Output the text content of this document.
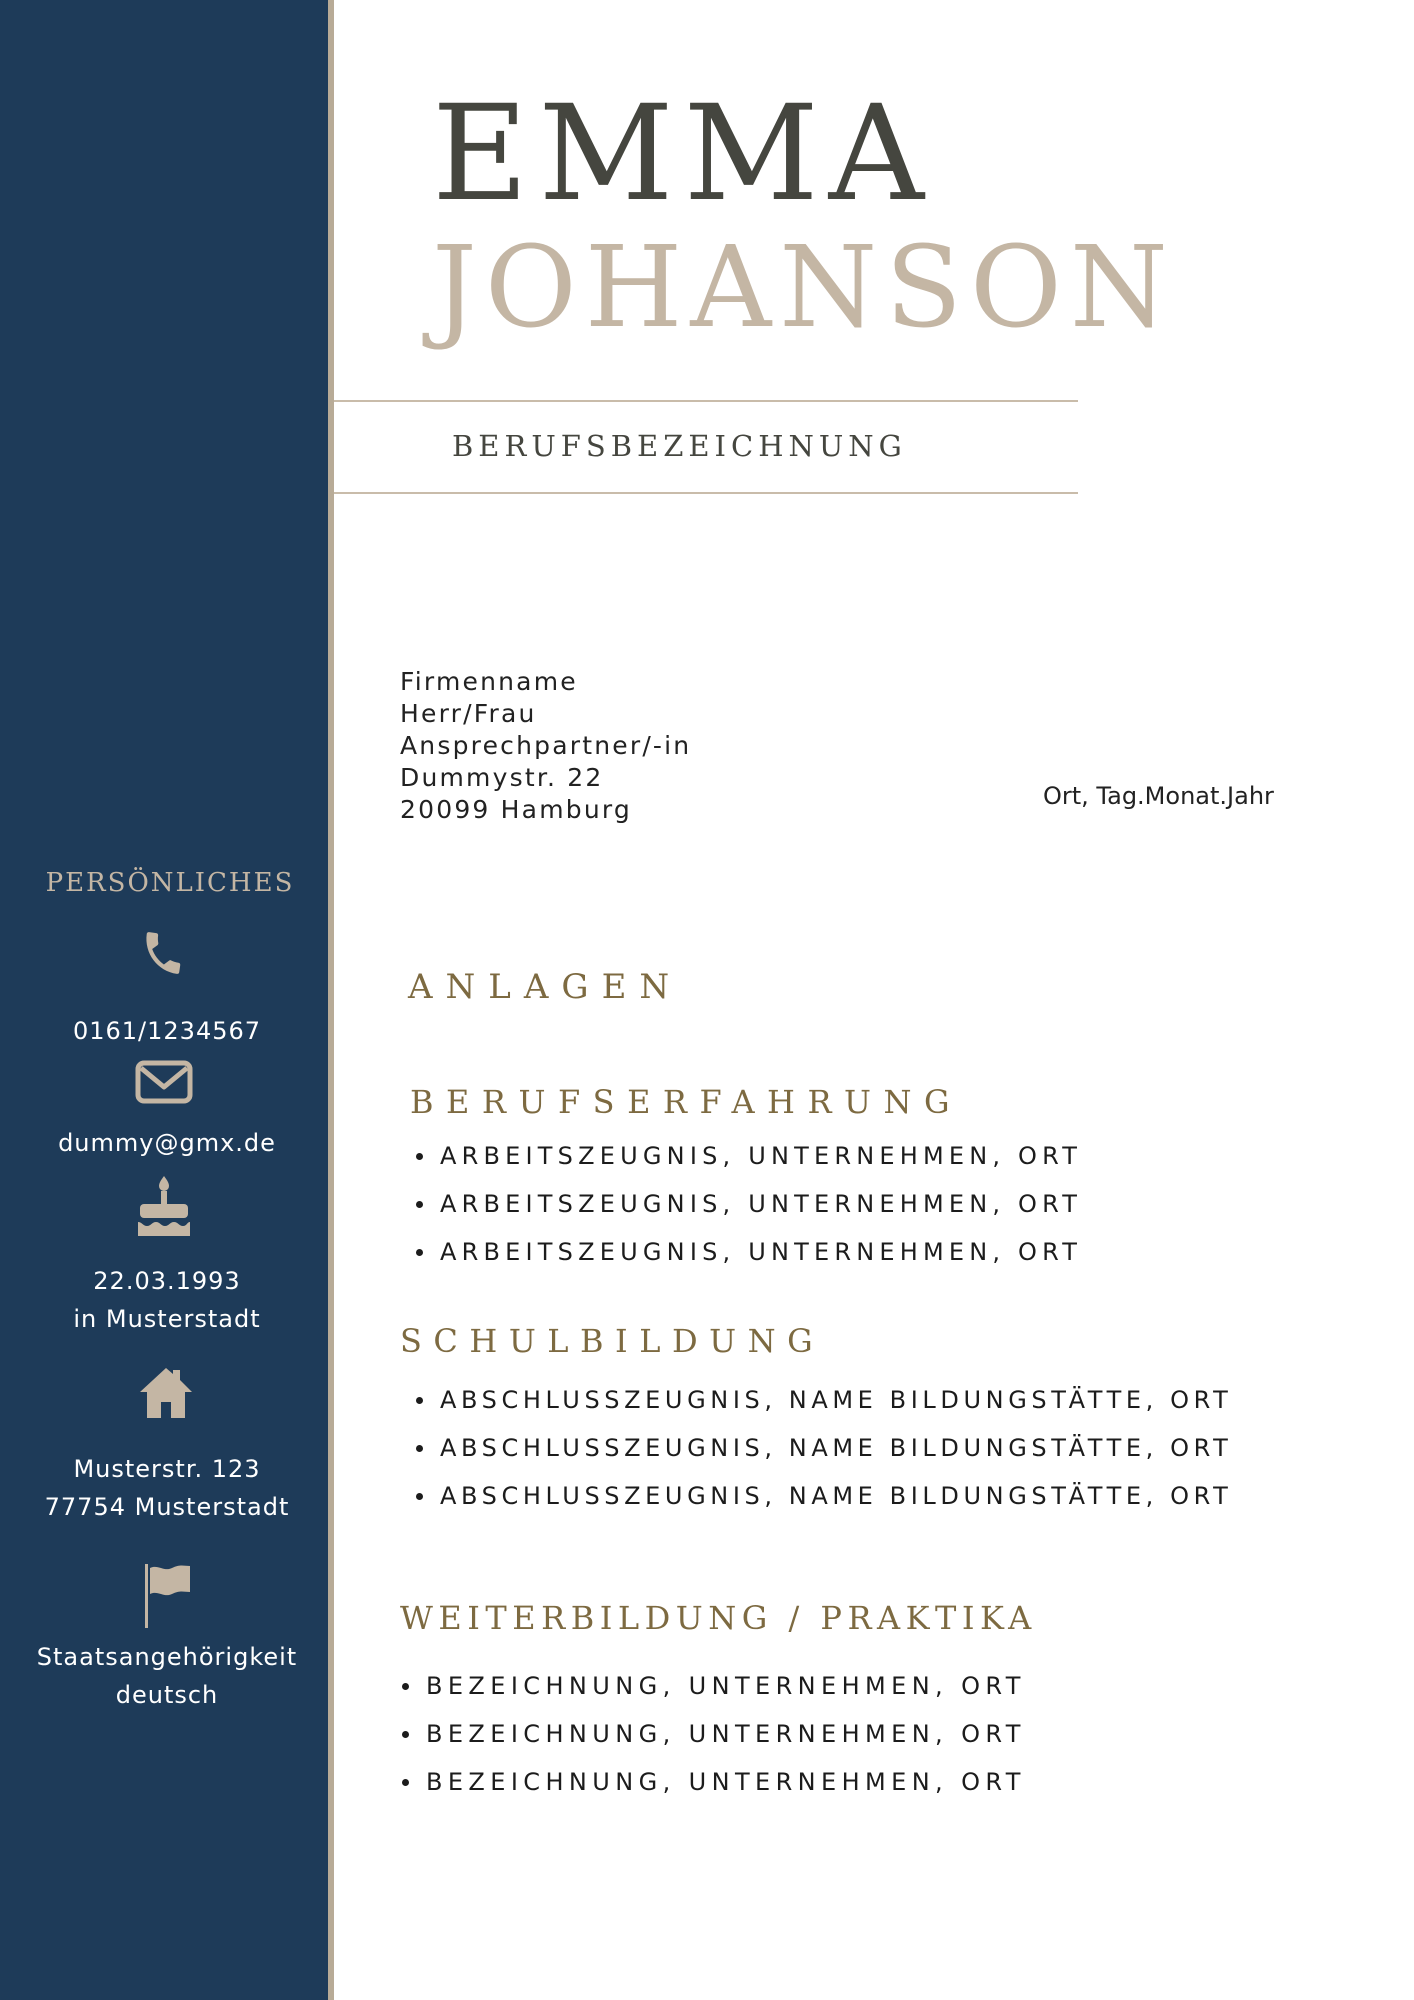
PERSÖNLICHES
0161/1234567
dummy@gmx.de
22.03.1993
in Musterstadt
Musterstr. 123
77754 Musterstadt
Staatsangehörigkeit
deutsch
EMMA
JOHANSON
BERUFSBEZEICHNUNG
Firmenname
Herr/Frau
Ansprechpartner/-in
Dummystr. 22
20099 Hamburg	Ort, Tag.Monat.Jahr
ANLAGEN
BERUFSERFAHRUNG
ARBEITSZEUGNIS, UNTERNEHMEN, ORT
ARBEITSZEUGNIS, UNTERNEHMEN, ORT
ARBEITSZEUGNIS, UNTERNEHMEN, ORT
SCHULBILDUNG
ABSCHLUSSZEUGNIS, NAME BILDUNGSTÄTTE, ORT
ABSCHLUSSZEUGNIS, NAME BILDUNGSTÄTTE, ORT
ABSCHLUSSZEUGNIS, NAME BILDUNGSTÄTTE, ORT
WEITERBILDUNG / PRAKTIKA
BEZEICHNUNG, UNTERNEHMEN, ORT
BEZEICHNUNG, UNTERNEHMEN, ORT
BEZEICHNUNG, UNTERNEHMEN, ORT
